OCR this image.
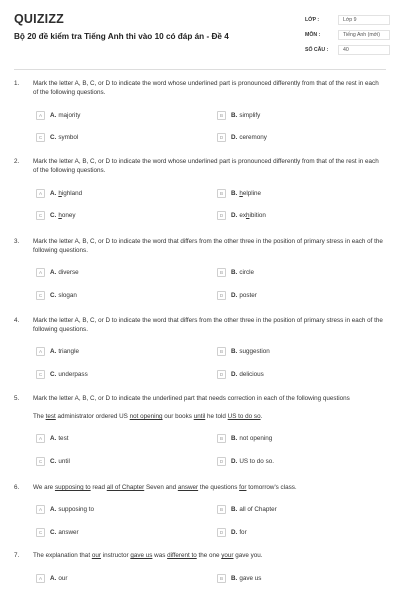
QUIZIZZ
Bộ 20 đề kiểm tra Tiếng Anh thi vào 10 có đáp án - Đề 4
LỚP :	Lớp 9
MÔN :	Tiếng Anh (mới)
SỐ CÂU :	40
1. Mark the letter A, B, C, or D to indicate the word whose underlined part is pronounced differently from that of the rest in each of the following questions.
A	A. majority	B	B. simplify
C	C. symbol	D	D. ceremony
2. Mark the letter A, B, C, or D to indicate the word whose underlined part is pronounced differently from that of the rest in each of the following questions.
A	A. highland	B	B. helpline
C	C. honey	D	D. exhibition
3. Mark the letter A, B, C, or D to indicate the word that differs from the other three in the position of primary stress in each of the following questions.
A	A. diverse	B	B. circle
C	C. slogan	D	D. poster
4. Mark the letter A, B, C, or D to indicate the word that differs from the other three in the position of primary stress in each of the following questions.
A	A. triangle	B	B. suggestion
C	C. underpass	D	D. delicious
5. Mark the letter A, B, C, or D to indicate the underlined part that needs correction in each of the following questions
The test administrator ordered US not opening our books until he told US to do so.
A	A. test	B	B. not opening
C	C. until	D	D. US to do so.
6. We are supposing to read all of Chapter Seven and answer the questions for tomorrow's class.
A	A. supposing to	B	B. all of Chapter
C	C. answer	D	D. for
7. The explanation that our instructor gave us was different to the one your gave you.
A	A. our	B	B. gave us
